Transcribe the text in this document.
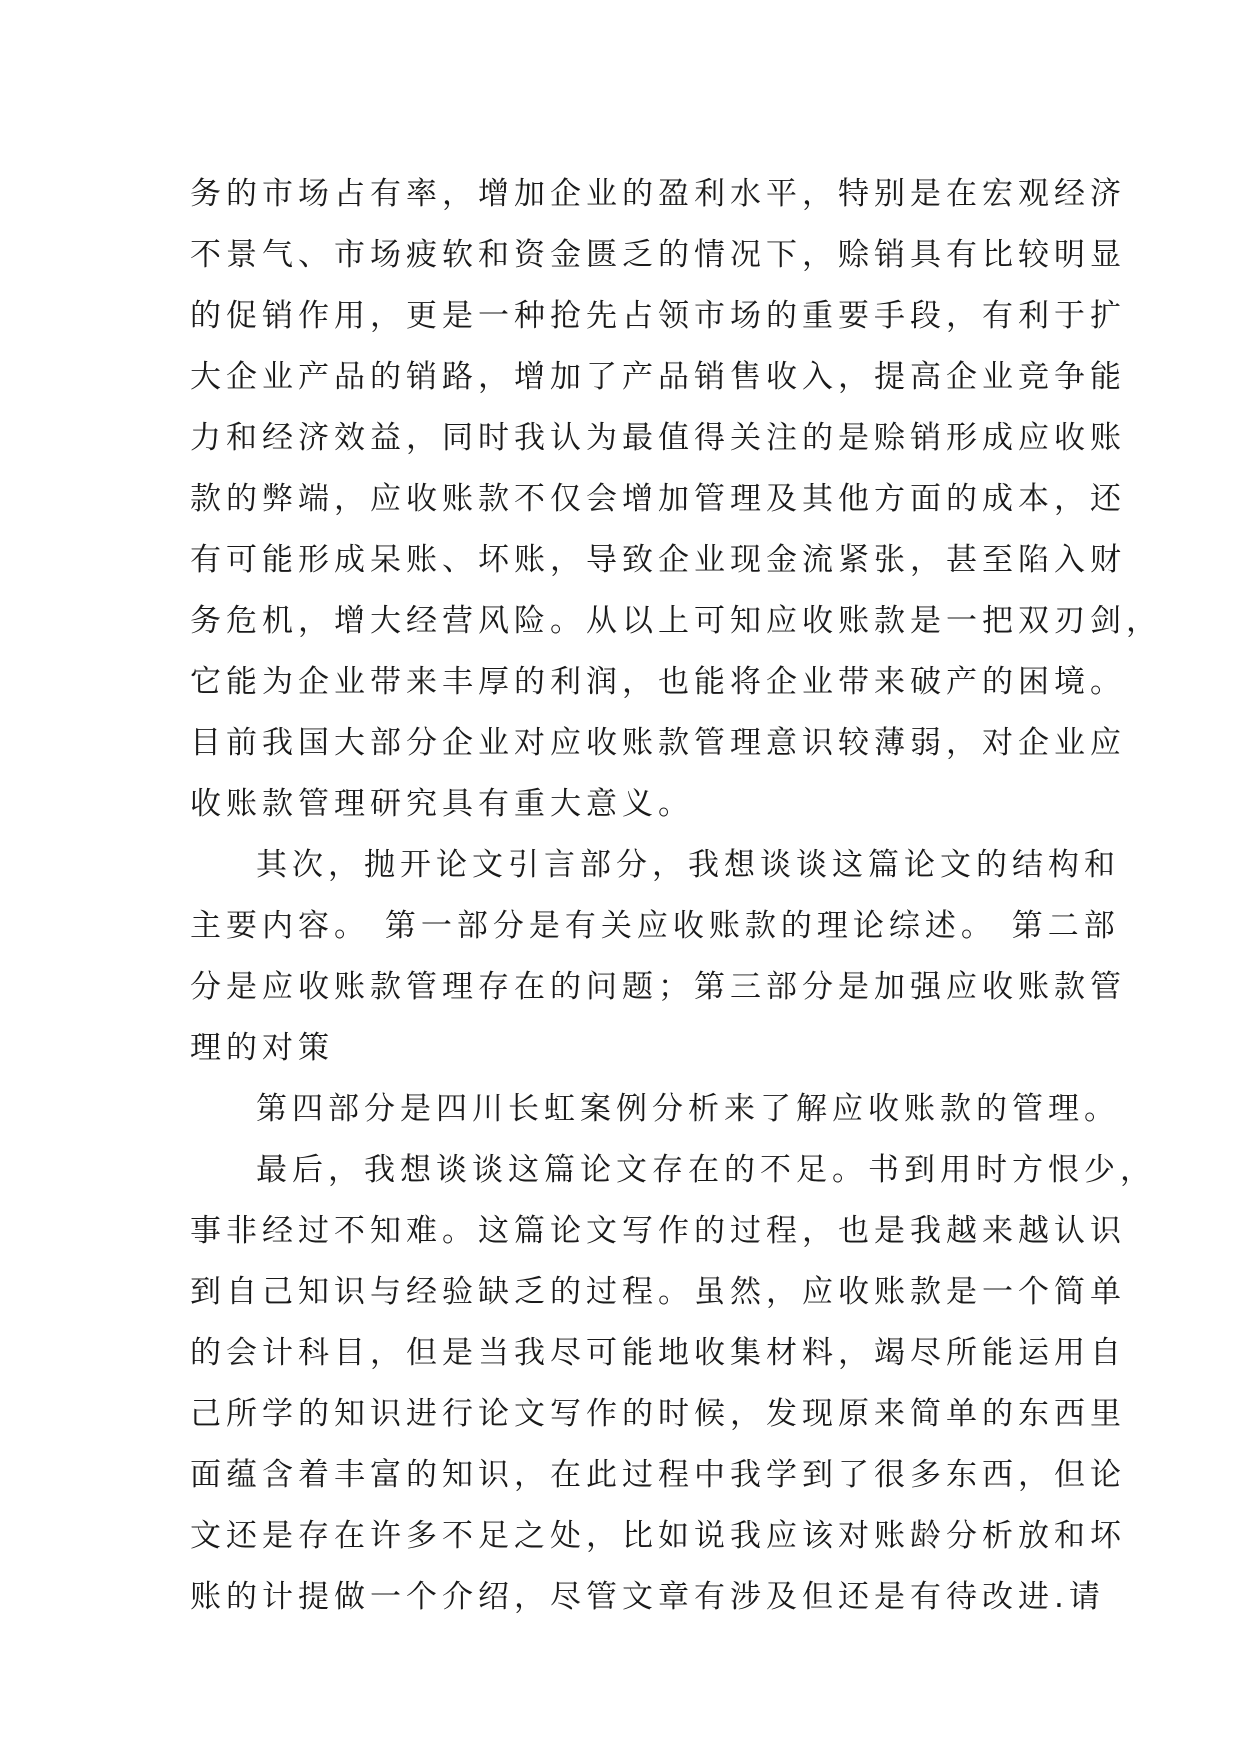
务的市场占有率，增加企业的盈利水平，特别是在宏观经济
不景气、市场疲软和资金匮乏的情况下，赊销具有比较明显
的促销作用，更是一种抢先占领市场的重要手段，有利于扩
大企业产品的销路，增加了产品销售收入，提高企业竞争能
力和经济效益，同时我认为最值得关注的是赊销形成应收账
款的弊端，应收账款不仅会增加管理及其他方面的成本，还
有可能形成呆账、坏账，导致企业现金流紧张，甚至陷入财
务危机，增大经营风险。从以上可知应收账款是一把双刃剑，
它能为企业带来丰厚的利润，也能将企业带来破产的困境。
目前我国大部分企业对应收账款管理意识较薄弱，对企业应
收账款管理研究具有重大意义。
其次，抛开论文引言部分，我想谈谈这篇论文的结构和
主要内容。 第一部分是有关应收账款的理论综述。 第二部
分是应收账款管理存在的问题；第三部分是加强应收账款管
理的对策
第四部分是四川长虹案例分析来了解应收账款的管理。
最后，我想谈谈这篇论文存在的不足。书到用时方恨少，
事非经过不知难。这篇论文写作的过程，也是我越来越认识
到自己知识与经验缺乏的过程。虽然，应收账款是一个简单
的会计科目，但是当我尽可能地收集材料，竭尽所能运用自
己所学的知识进行论文写作的时候，发现原来简单的东西里
面蕴含着丰富的知识，在此过程中我学到了很多东西，但论
文还是存在许多不足之处，比如说我应该对账龄分析放和坏
账的计提做一个介绍，尽管文章有涉及但还是有待改进.请
